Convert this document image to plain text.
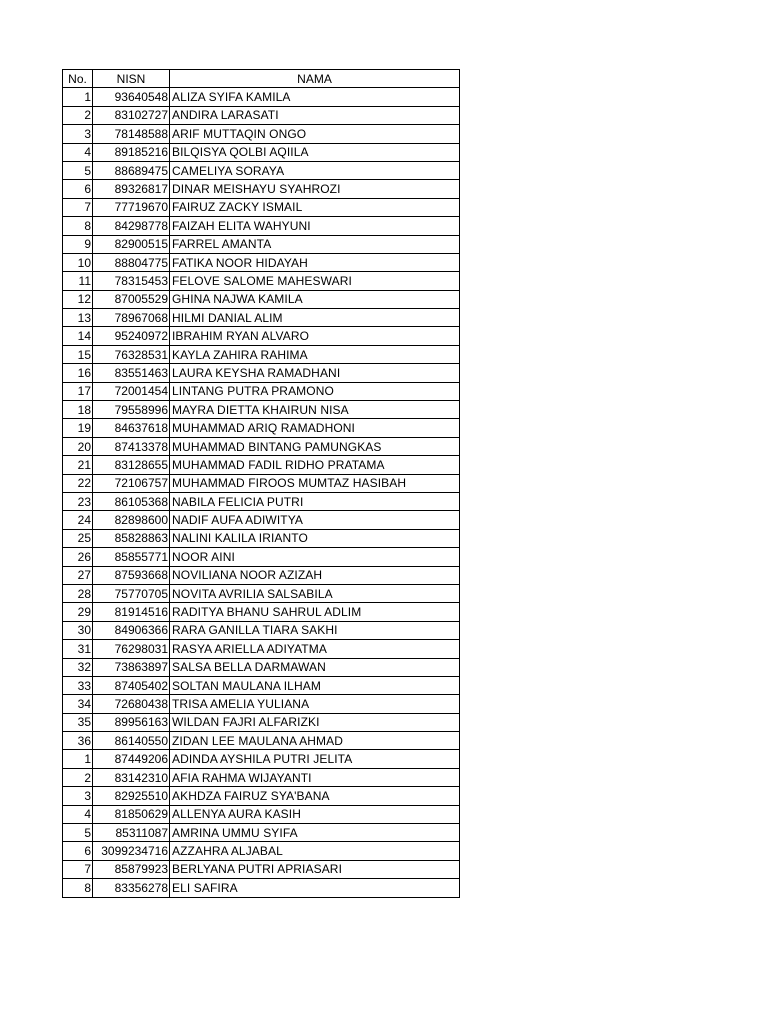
No.	NISN	NAMA
1	93640548	ALIZA SYIFA KAMILA
2	83102727	ANDIRA LARASATI
3	78148588	ARIF MUTTAQIN ONGO
4	89185216	BILQISYA QOLBI AQIILA
5	88689475	CAMELIYA SORAYA
6	89326817	DINAR MEISHAYU SYAHROZI
7	77719670	FAIRUZ ZACKY ISMAIL
8	84298778	FAIZAH ELITA WAHYUNI
9	82900515	FARREL AMANTA
10	88804775	FATIKA NOOR HIDAYAH
11	78315453	FELOVE SALOME MAHESWARI
12	87005529	GHINA NAJWA KAMILA
13	78967068	HILMI DANIAL ALIM
14	95240972	IBRAHIM RYAN ALVARO
15	76328531	KAYLA ZAHIRA RAHIMA
16	83551463	LAURA KEYSHA RAMADHANI
17	72001454	LINTANG PUTRA PRAMONO
18	79558996	MAYRA DIETTA KHAIRUN NISA
19	84637618	MUHAMMAD ARIQ RAMADHONI
20	87413378	MUHAMMAD BINTANG PAMUNGKAS
21	83128655	MUHAMMAD FADIL RIDHO PRATAMA
22	72106757	MUHAMMAD FIROOS MUMTAZ HASIBAH
23	86105368	NABILA FELICIA PUTRI
24	82898600	NADIF AUFA ADIWITYA
25	85828863	NALINI KALILA IRIANTO
26	85855771	NOOR AINI
27	87593668	NOVILIANA NOOR AZIZAH
28	75770705	NOVITA AVRILIA SALSABILA
29	81914516	RADITYA BHANU SAHRUL ADLIM
30	84906366	RARA GANILLA TIARA SAKHI
31	76298031	RASYA ARIELLA ADIYATMA
32	73863897	SALSA BELLA DARMAWAN
33	87405402	SOLTAN MAULANA ILHAM
34	72680438	TRISA AMELIA YULIANA
35	89956163	WILDAN FAJRI ALFARIZKI
36	86140550	ZIDAN LEE MAULANA AHMAD
1	87449206	ADINDA AYSHILA PUTRI JELITA
2	83142310	AFIA RAHMA WIJAYANTI
3	82925510	AKHDZA FAIRUZ SYA'BANA
4	81850629	ALLENYA AURA KASIH
5	85311087	AMRINA UMMU SYIFA
6	3099234716	AZZAHRA ALJABAL
7	85879923	BERLYANA PUTRI APRIASARI
8	83356278	ELI SAFIRA
